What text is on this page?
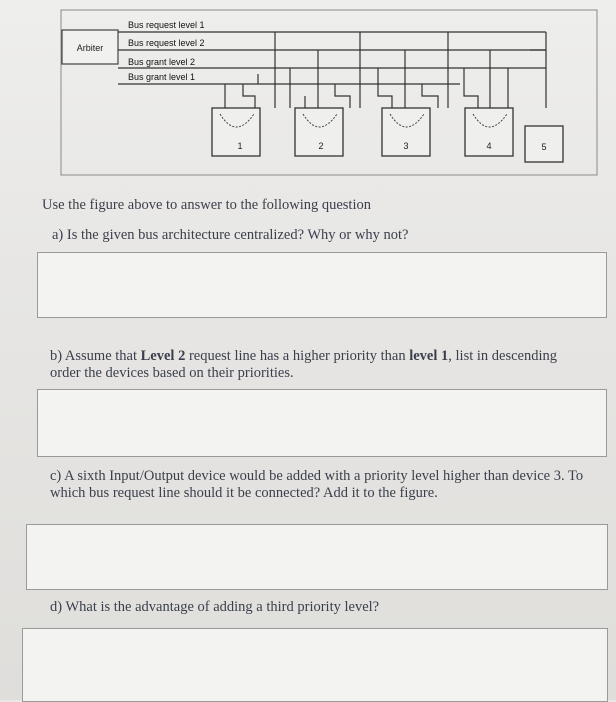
Arbiter
Bus request level 1
Bus request level 2
Bus grant level 2
Bus grant level 1
1	2	3	4	5
Use the figure above to answer to the following question
a) Is the given bus architecture centralized? Why or why not?
b) Assume that Level 2 request line has a higher priority than level 1, list in descending order the devices based on their priorities.
c) A sixth Input/Output device would be added with a priority level higher than device 3. To which bus request line should it be connected? Add it to the figure.
d) What is the advantage of adding a third priority level?
